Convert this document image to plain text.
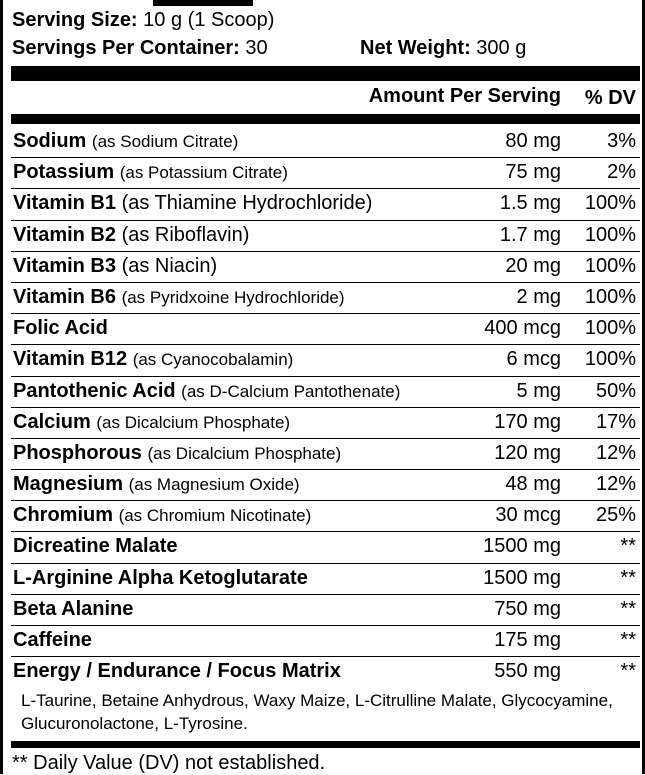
Serving Size: 10 g (1 Scoop)
Servings Per Container: 30	Net Weight: 300 g
Amount Per Serving % DV
Sodium (as Sodium Citrate)	80 mg 3%
Potassium (as Potassium Citrate)	75 mg 2%
Vitamin B1 (as Thiamine Hydrochloride)	1.5 mg 100%
Vitamin B2 (as Riboflavin)	1.7 mg 100%
Vitamin B3 (as Niacin)	20 mg 100%
Vitamin B6 (as Pyridxoine Hydrochloride)	2 mg 100%
Folic Acid	400 mcg 100%
Vitamin B12 (as Cyanocobalamin)	6 mcg 100%
Pantothenic Acid (as D-Calcium Pantothenate)	5 mg 50%
Calcium (as Dicalcium Phosphate)	170 mg 17%
Phosphorous (as Dicalcium Phosphate)	120 mg 12%
Magnesium (as Magnesium Oxide)	48 mg 12%
Chromium (as Chromium Nicotinate)	30 mcg 25%
Dicreatine Malate	1500 mg	**
L-Arginine Alpha Ketoglutarate	1500 mg	**
Beta Alanine	750 mg	**
Caffeine	175 mg	**
Energy / Endurance / Focus Matrix	550 mg	**
L-Taurine, Betaine Anhydrous, Waxy Maize, L-Citrulline Malate, Glycocyamine, Glucuronolactone, L-Tyrosine.
** Daily Value (DV) not established.
